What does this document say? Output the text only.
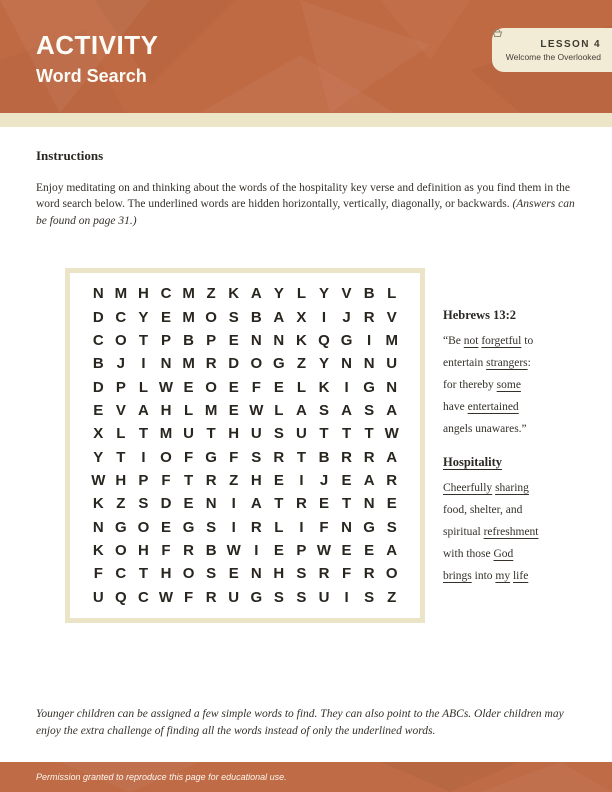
ACTIVITY
Word Search
LESSON 4
Welcome the Overlooked
Instructions

Enjoy meditating on and thinking about the words of the hospitality key verse and definition as you find them in the word search below. The underlined words are hidden horizontally, vertically, diagonally, or backwards. (Answers can be found on page 31.)

N M H C M Z K A Y L Y V B L
D C Y E M O S B A X I J R V
C O T P B P E N N K Q G I M
B J I N M R D O G Z Y N N U
D P L W E O E F E L K I G N
E V A H L M E W L A S A S A
X L T M U T H U S U T T T W
Y T I O F G F S R T B R R A
W H P F T R Z H E I J E A R
K Z S D E N I A T R E T N E
N G O E G S I R L I F N G S
K O H F R B W I E P W E E A
F C T H O S E N H S R F R O
U Q C W F R U G S S U I S Z
Hebrews 13:2
“Be not forgetful to
entertain strangers:
for thereby some
have entertained
angels unawares.”
Hospitality
Cheerfully sharing
food, shelter, and
spiritual refreshment
with those God
brings into my life

Younger children can be assigned a few simple words to find. They can also point to the ABCs. Older children may enjoy the extra challenge of finding all the words instead of only the underlined words.

Permission granted to reproduce this page for educational use.
